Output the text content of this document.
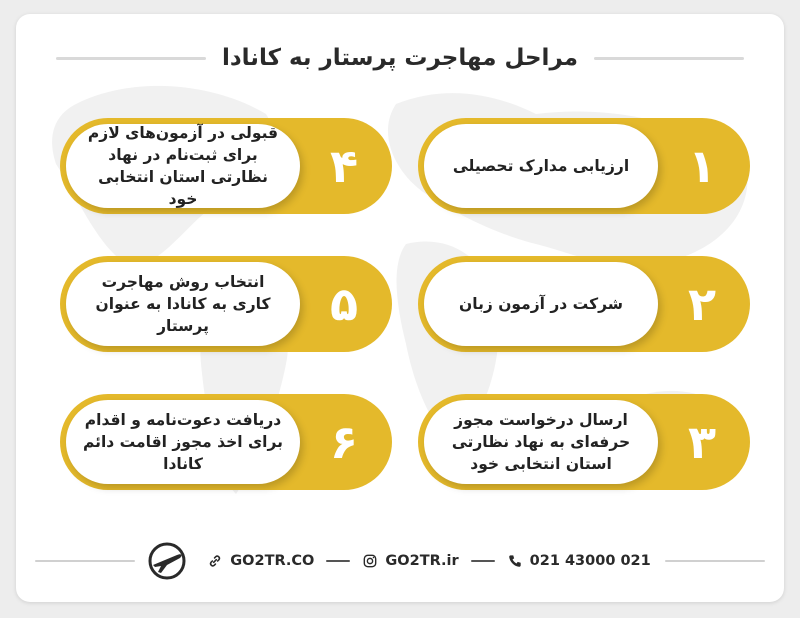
مراحل مهاجرت پرستار به کانادا
ارزیابی مدارک تحصیلی	۱
شرکت در آزمون زبان	۲
ارسال درخواست مجوز حرفه‌ای به نهاد نظارتی استان انتخابی خود	۳
قبولی در آزمون‌های لازم برای ثبت‌نام در نهاد نظارتی استان انتخابی خود
۴
انتخاب روش مهاجرت کاری به کانادا به عنوان پرستار	۵
دریافت دعوت‌نامه و اقدام برای اخذ مجوز اقامت دائم کانادا	۶
GO2TR.CO	GO2TR.ir	021 43000 021
